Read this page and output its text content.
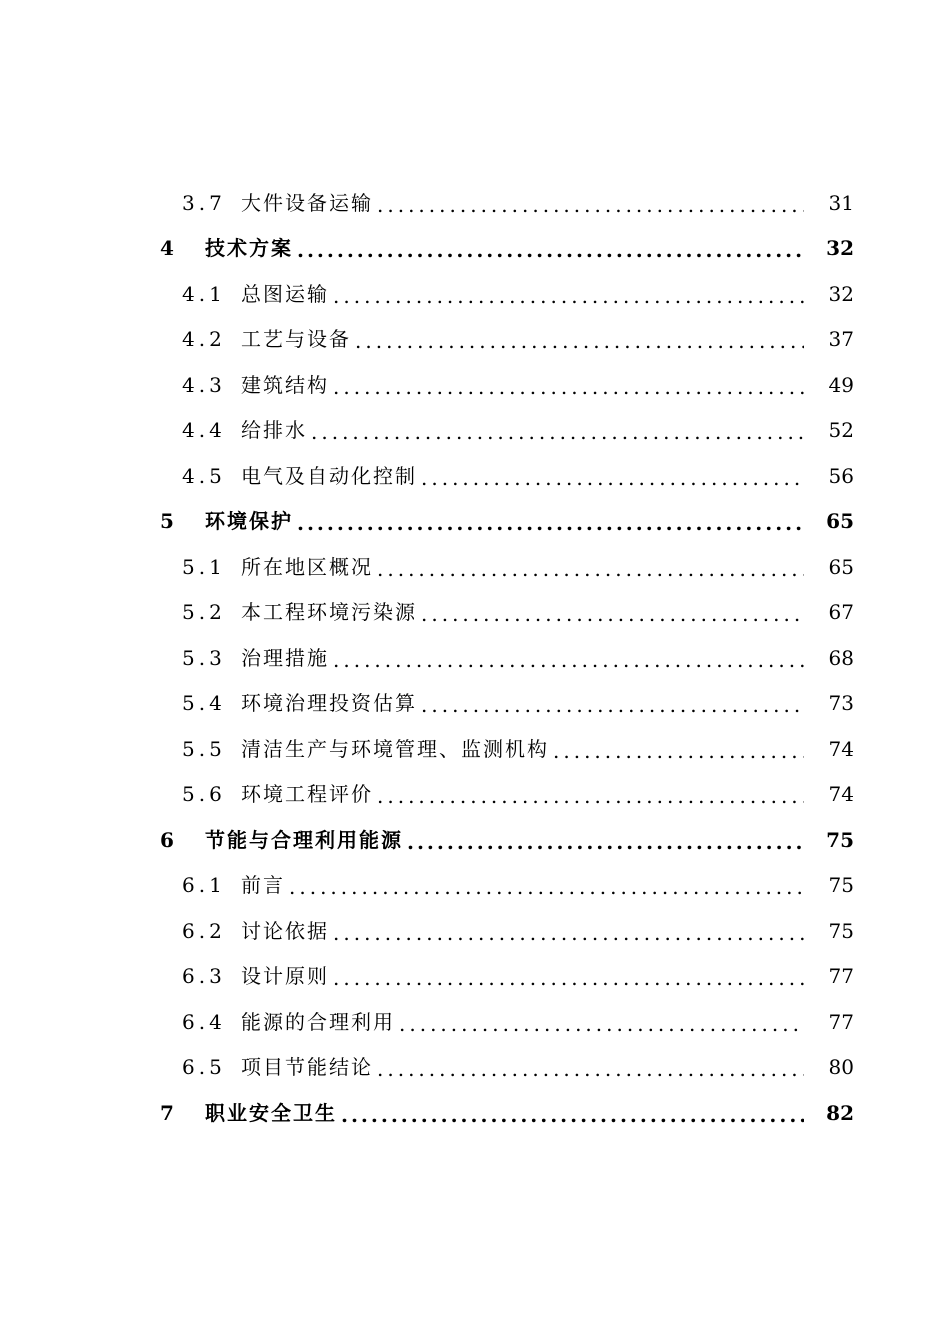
3.7 大件设备运输 .....	31
4 技术方案 .....	32
4.1 总图运输 .....	32
4.2 工艺与设备 .....	37
4.3 建筑结构 .....	49
4.4 给排水 .....	52
4.5 电气及自动化控制 .....	56
5 环境保护 .....	65
5.1 所在地区概况 .....	65
5.2 本工程环境污染源 .....	67
5.3 治理措施 .....	68
5.4 环境治理投资估算 .....	73
5.5 清洁生产与环境管理、监测机构 .....	74
5.6 环境工程评价 .....	74
6 节能与合理利用能源 .....	75
6.1 前言 .....	75
6.2 讨论依据 .....	75
6.3 设计原则 .....	77
6.4 能源的合理利用 .....	77
6.5 项目节能结论 .....	80
7 职业安全卫生 .....	82
